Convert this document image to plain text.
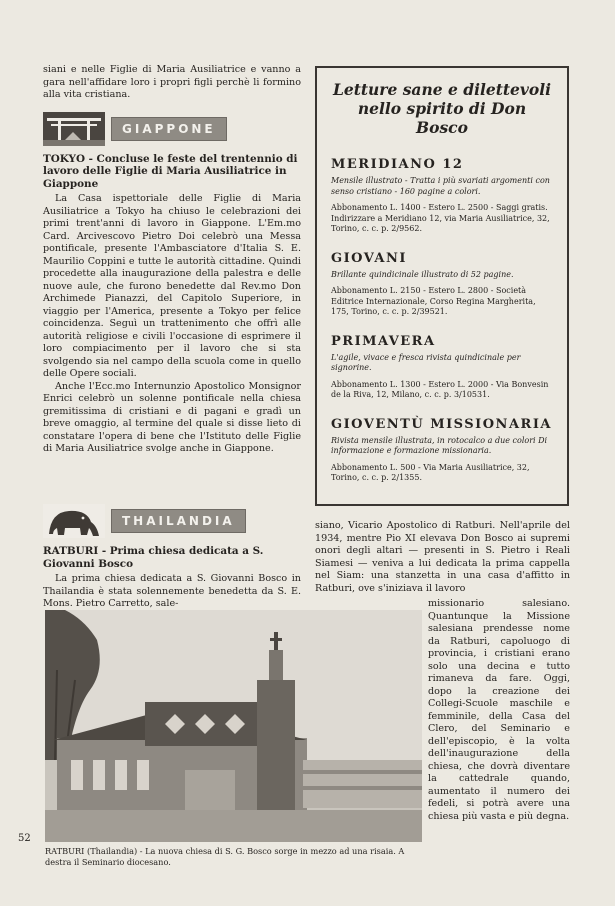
siani e nelle Figlie di Maria Ausiliatrice e vanno a gara nell'affidare loro i propri figli perchè li formino alla vita cristiana.

GIAPPONE

TOKYO - Concluse le feste del trentennio di lavoro delle Figlie di Maria Ausiliatrice in Giappone

La Casa ispettoriale delle Figlie di Maria Ausiliatrice a Tokyo ha chiuso le celebrazioni dei primi trent'anni di lavoro in Giappone. L'Em.mo Card. Arcivescovo Pietro Doi celebrò una Messa pontificale, presente l'Ambasciatore d'Italia S. E. Maurilio Coppini e tutte le autorità cittadine. Quindi procedette alla inaugurazione della palestra e delle nuove aule, che furono benedette dal Rev.mo Don Archimede Pianazzi, del Capitolo Superiore, in viaggio per l'America, presente a Tokyo per felice coincidenza. Seguì un trattenimento che offrì alle autorità religiose e civili l'occasione di esprimere il loro compiacimento per il lavoro che si sta svolgendo sia nel campo della scuola come in quello delle Opere sociali.

Anche l'Ecc.mo Internunzio Apostolico Monsignor Enrici celebrò un solenne pontificale nella chiesa gremitissima di cristiani e di pagani e gradì un breve omaggio, al termine del quale si disse lieto di constatare l'opera di bene che l'Istituto delle Figlie di Maria Ausiliatrice svolge anche in Giappone.

Letture sane e dilettevoli nello spirito di Don Bosco

MERIDIANO 12

Mensile illustrato - Tratta i più svariati argomenti con senso cristiano - 160 pagine a colori.

Abbonamento L. 1400 - Estero L. 2500 - Saggi gratis. Indirizzare a Meridiano 12, via Maria Ausiliatrice, 32, Torino, c. c. p. 2/9562.

GIOVANI

Brillante quindicinale illustrato di 52 pagine.

Abbonamento L. 2150 - Estero L. 2800 - Società Editrice Internazionale, Corso Regina Margherita, 175, Torino, c. c. p. 2/39521.

PRIMAVERA

L'agile, vivace e fresca rivista quindicinale per signorine.

Abbonamento L. 1300 - Estero L. 2000 - Via Bonvesin de la Riva, 12, Milano, c. c. p. 3/10531.

GIOVENTÙ MISSIONARIA

Rivista mensile illustrata, in rotocalco a due colori Di informazione e formazione missionaria.

Abbonamento L. 500 - Via Maria Ausiliatrice, 32, Torino, c. c. p. 2/1355.

THAILANDIA

RATBURI - Prima chiesa dedicata a S. Giovanni Bosco

La prima chiesa dedicata a S. Giovanni Bosco in Thailandia è stata solennemente benedetta da S. E. Mons. Pietro Carretto, sale-

siano, Vicario Apostolico di Ratburi. Nell'aprile del 1934, mentre Pio XI elevava Don Bosco ai supremi onori degli altari — presenti in S. Pietro i Reali Siamesi — veniva a lui dedicata la prima cappella nel Siam: una stanzetta in una casa d'affitto in Ratburi, ove s'iniziava il lavoro

missionario salesiano. Quantunque la Missione salesiana prendesse nome da Ratburi, capoluogo di provincia, i cristiani erano solo una decina e tutto rimaneva da fare. Oggi, dopo la creazione dei Collegi-Scuole maschile e femminile, della Casa del Clero, del Seminario e dell'episcopio, è la volta dell'inaugurazione della chiesa, che dovrà diventare la cattedrale quando, aumentato il numero dei fedeli, si potrà avere una chiesa più vasta e più degna.

RATBURI (Thailandia) - La nuova chiesa di S. G. Bosco sorge in mezzo ad una risaia. A destra il Seminario diocesano.

52
